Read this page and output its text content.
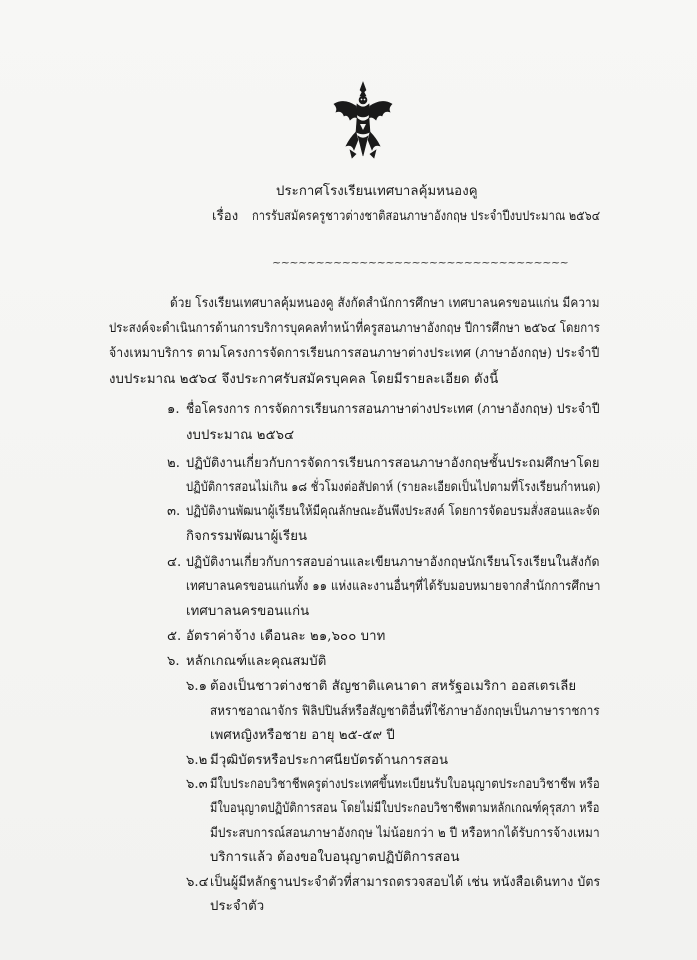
ประกาศโรงเรียนเทศบาลคุ้มหนองคู
เรื่อง การรับสมัครครูชาวต่างชาติสอนภาษาอังกฤษ ประจำปีงบประมาณ ๒๕๖๔
~~~~~~~~~~~~~~~~~~~~~~~~~~~~~~~~~~
ด้วย โรงเรียนเทศบาลคุ้มหนองคู สังกัดสำนักการศึกษา เทศบาลนครขอนแก่น มีความ
ประสงค์จะดำเนินการด้านการบริการบุคคลทำหน้าที่ครูสอนภาษาอังกฤษ ปีการศึกษา ๒๕๖๔ โดยการ
จ้างเหมาบริการ ตามโครงการจัดการเรียนการสอนภาษาต่างประเทศ (ภาษาอังกฤษ) ประจำปี
งบประมาณ ๒๕๖๔ จึงประกาศรับสมัครบุคคล โดยมีรายละเอียด ดังนี้
๑. ชื่อโครงการ การจัดการเรียนการสอนภาษาต่างประเทศ (ภาษาอังกฤษ) ประจำปี
งบประมาณ ๒๕๖๔
๒. ปฏิบัติงานเกี่ยวกับการจัดการเรียนการสอนภาษาอังกฤษชั้นประถมศึกษาโดย
ปฏิบัติการสอนไม่เกิน ๑๘ ชั่วโมงต่อสัปดาห์ (รายละเอียดเป็นไปตามที่โรงเรียนกำหนด)
๓. ปฏิบัติงานพัฒนาผู้เรียนให้มีคุณลักษณะอันพึงประสงค์ โดยการจัดอบรมสั่งสอนและจัด
กิจกรรมพัฒนาผู้เรียน
๔. ปฏิบัติงานเกี่ยวกับการสอบอ่านและเขียนภาษาอังกฤษนักเรียนโรงเรียนในสังกัด
เทศบาลนครขอนแก่นทั้ง ๑๑ แห่งและงานอื่นๆที่ได้รับมอบหมายจากสำนักการศึกษา
เทศบาลนครขอนแก่น
๕. อัตราค่าจ้าง เดือนละ ๒๑,๖๐๐ บาท
๖. หลักเกณฑ์และคุณสมบัติ
๖.๑ ต้องเป็นชาวต่างชาติ สัญชาติแคนาดา สหรัฐอเมริกา ออสเตรเลีย
สหราชอาณาจักร ฟิลิปปินส์หรือสัญชาติอื่นที่ใช้ภาษาอังกฤษเป็นภาษาราชการ
เพศหญิงหรือชาย อายุ ๒๕-๕๙ ปี
๖.๒ มีวุฒิบัตรหรือประกาศนียบัตรด้านการสอน
๖.๓ มีใบประกอบวิชาชีพครูต่างประเทศขึ้นทะเบียนรับใบอนุญาตประกอบวิชาชีพ หรือ
มีใบอนุญาตปฏิบัติการสอน โดยไม่มีใบประกอบวิชาชีพตามหลักเกณฑ์คุรุสภา หรือ
มีประสบการณ์สอนภาษาอังกฤษ ไม่น้อยกว่า ๒ ปี หรือหากได้รับการจ้างเหมา
บริการแล้ว ต้องขอใบอนุญาตปฏิบัติการสอน
๖.๔ เป็นผู้มีหลักฐานประจำตัวที่สามารถตรวจสอบได้ เช่น หนังสือเดินทาง บัตร
ประจำตัว
